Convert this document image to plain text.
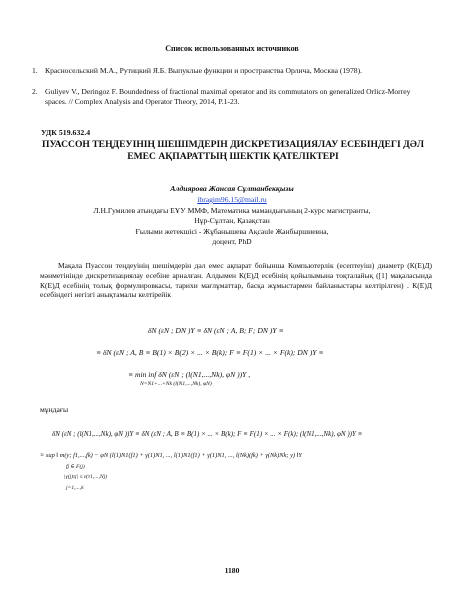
Список использованных источников
1. Красносельский М.А., Рутицкий Я.Б. Выпуклые функции и пространства Орлича, Москва (1978).
2. Guliyev V., Deringoz F. Boundedness of fractional maximal operator and its commutators on generalized Orlicz-Morrey spaces. // Complex Analysis and Operator Theory, 2014, P.1-23.
УДК 519.632.4
ПУАССОН ТЕҢДЕУІНІҢ ШЕШІМДЕРІН ДИСКРЕТИЗАЦИЯЛАУ ЕСЕБІНДЕГІ ДӘЛ
ЕМЕС АҚПАРАТТЫҢ ШЕКТІК ҚАТЕЛІКТЕРІ
Алдиярова Жансая Сұлтанбекқызы
ibragim96.15@mail.ru
Л.Н.Гумилев атындағы ЕҰУ ММФ, Математика мамандығының 2-курс магистранты,
Нұр-Сұлтан, Қазақстан
Ғылыми жетекшісі - Жұбанышева Ақсаule Жанбыршиевна,
доцент, PhD
Мақала Пуассон теңдеуінің шешімдерін дәл емес ақпарат бойынша Компьютерлік (есептеуіш) диаметр (К(Е)Д) мәнметінінде дискретизациялау есебіне арналған. Алдымен К(Е)Д есебінің қойылымына тоқталайық ([1] мақаласында К(Е)Д есебінің толық формулировкасы, тарихи мағлұматтар, басқа жұмыстармен байланыстары келтірілген) . К(Е)Д есебіндегі негізгі анықтамалы келтірейік
δN (εN ; DN )Y ≡ δN (εN ; A, B; F; DN )Y ≡
≡ δN (εN ; A, B ≡ B(1) × B(2) × ... × B(k); F ≡ F(1) × ... × F(k); DN )Y ≡
≡ min inf δN (εN ; (l(N1,...,Nk), φN ))Y ,
N=N1+...+Nk (l(N1,...,Nk), φN)
мұндағы
δN (εN ; (l(N1,...,Nk), φN ))Y ≡ δN (εN ; A, B ≡ B(1) × ... × B(k); F ≡ F(1) × ... × F(k); (l(N1,...,Nk), φN ))Y ≡
≡ sup ‖ m(y; f1,...,fk) − φN (l(1)N1(f1) + γ(1)N1, ..., l(1)N1(f1) + γ(1)N1, ..., l(Nk)(fk) + γ(Nk)Nk; y) ‖Y
fj ∈ F(j)
|γ(j)τj| ≤ ε(τ1,...,Nj)
j=1,...,k
1180
